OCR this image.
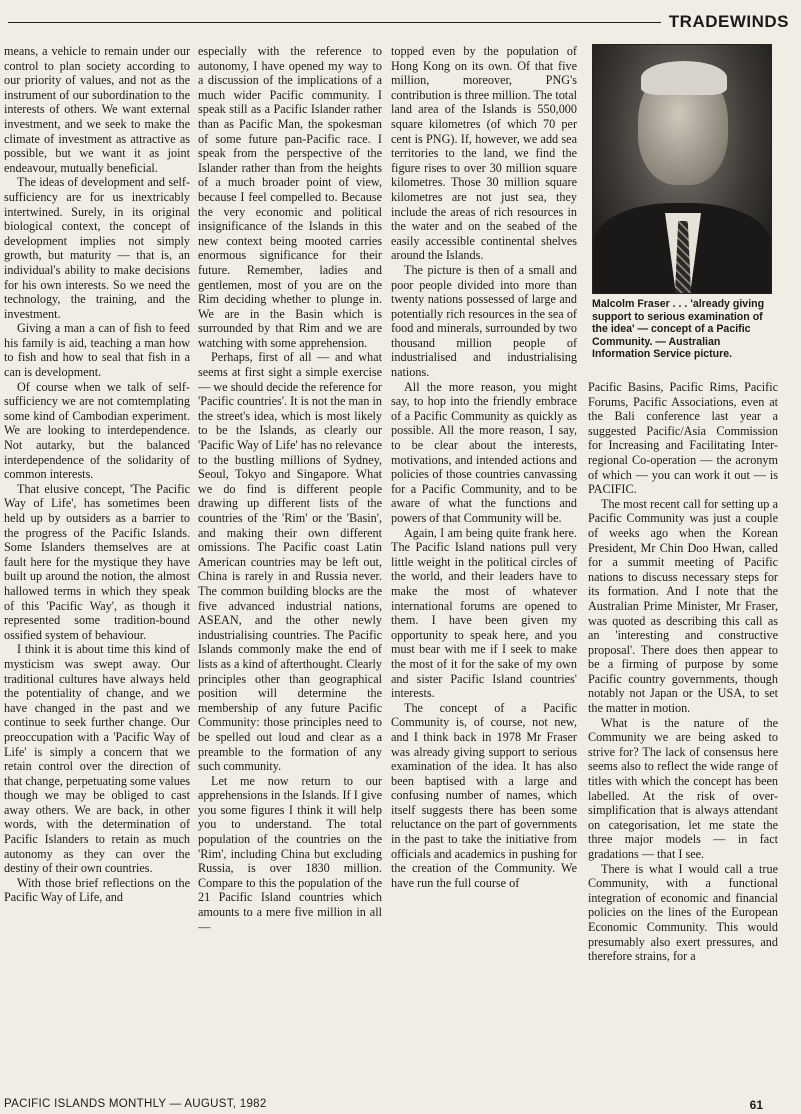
TRADEWINDS

means, a vehicle to remain under our control to plan society according to our priority of values, and not as the instrument of our subordination to the interests of others. We want external investment, and we seek to make the climate of investment as attractive as possible, but we want it as joint endeavour, mutually beneficial.

The ideas of development and self-sufficiency are for us inextricably intertwined. Surely, in its original biological context, the concept of development implies not simply growth, but maturity — that is, an individual's ability to make decisions for his own interests. So we need the technology, the training, and the investment.

Giving a man a can of fish to feed his family is aid, teaching a man how to fish and how to seal that fish in a can is development.

Of course when we talk of self-sufficiency we are not comtemplating some kind of Cambodian experiment. We are looking to interdependence. Not autarky, but the balanced interdependence of the solidarity of common interests.

That elusive concept, 'The Pacific Way of Life', has sometimes been held up by outsiders as a barrier to the progress of the Pacific Islands. Some Islanders themselves are at fault here for the mystique they have built up around the notion, the almost hallowed terms in which they speak of this 'Pacific Way', as though it represented some tradition-bound ossified system of behaviour.

I think it is about time this kind of mysticism was swept away. Our traditional cultures have always held the potentiality of change, and we have changed in the past and we continue to seek further change. Our preoccupation with a 'Pacific Way of Life' is simply a concern that we retain control over the direction of that change, perpetuating some values though we may be obliged to cast away others. We are back, in other words, with the determination of Pacific Islanders to retain as much autonomy as they can over the destiny of their own countries.

With those brief reflections on the Pacific Way of Life, and

especially with the reference to autonomy, I have opened my way to a discussion of the implications of a much wider Pacific community. I speak still as a Pacific Islander rather than as Pacific Man, the spokesman of some future pan-Pacific race. I speak from the perspective of the Islander rather than from the heights of a much broader point of view, because I feel compelled to. Because the very economic and political insignificance of the Islands in this new context being mooted carries enormous significance for their future. Remember, ladies and gentlemen, most of you are on the Rim deciding whether to plunge in. We are in the Basin which is surrounded by that Rim and we are watching with some apprehension.

Perhaps, first of all — and what seems at first sight a simple exercise — we should decide the reference for 'Pacific countries'. It is not the man in the street's idea, which is most likely to be the Islands, as clearly our 'Pacific Way of Life' has no relevance to the bustling millions of Sydney, Seoul, Tokyo and Singapore. What we do find is different people drawing up different lists of the countries of the 'Rim' or the 'Basin', and making their own different omissions. The Pacific coast Latin American countries may be left out, China is rarely in and Russia never. The common building blocks are the five advanced industrial nations, ASEAN, and the other newly industrialising countries. The Pacific Islands commonly make the end of lists as a kind of afterthought. Clearly principles other than geographical position will determine the membership of any future Pacific Community: those principles need to be spelled out loud and clear as a preamble to the formation of any such community.

Let me now return to our apprehensions in the Islands. If I give you some figures I think it will help you to understand. The total population of the countries on the 'Rim', including China but excluding Russia, is over 1830 million. Compare to this the population of the 21 Pacific Island countries which amounts to a mere five million in all —

topped even by the population of Hong Kong on its own. Of that five million, moreover, PNG's contribution is three million. The total land area of the Islands is 550,000 square kilometres (of which 70 per cent is PNG). If, however, we add sea territories to the land, we find the figure rises to over 30 million square kilometres. Those 30 million square kilometres are not just sea, they include the areas of rich resources in the water and on the seabed of the easily accessible continental shelves around the Islands.

The picture is then of a small and poor people divided into more than twenty nations possessed of large and potentially rich resources in the sea of food and minerals, surrounded by two thousand million people of industrialised and industrialising nations.

All the more reason, you might say, to hop into the friendly embrace of a Pacific Community as quickly as possible. All the more reason, I say, to be clear about the interests, motivations, and intended actions and policies of those countries canvassing for a Pacific Community, and to be aware of what the functions and powers of that Community will be.

Again, I am being quite frank here. The Pacific Island nations pull very little weight in the political circles of the world, and their leaders have to make the most of whatever international forums are opened to them. I have been given my opportunity to speak here, and you must bear with me if I seek to make the most of it for the sake of my own and sister Pacific Island countries' interests.

The concept of a Pacific Community is, of course, not new, and I think back in 1978 Mr Fraser was already giving support to serious examination of the idea. It has also been baptised with a large and confusing number of names, which itself suggests there has been some reluctance on the part of governments in the past to take the initiative from officials and academics in pushing for the creation of the Community. We have run the full course of

Malcolm Fraser . . . 'already giving support to serious examination of the idea' — concept of a Pacific Community. — Australian Information Service picture.

Pacific Basins, Pacific Rims, Pacific Forums, Pacific Associations, even at the Bali conference last year a suggested Pacific/Asia Commission for Increasing and Facilitating Inter-regional Co-operation — the acronym of which — you can work it out — is PACIFIC.

The most recent call for setting up a Pacific Community was just a couple of weeks ago when the Korean President, Mr Chin Doo Hwan, called for a summit meeting of Pacific nations to discuss necessary steps for its formation. And I note that the Australian Prime Minister, Mr Fraser, was quoted as describing this call as an 'interesting and constructive proposal'. There does then appear to be a firming of purpose by some Pacific country governments, though notably not Japan or the USA, to set the matter in motion.

What is the nature of the Community we are being asked to strive for? The lack of consensus here seems also to reflect the wide range of titles with which the concept has been labelled. At the risk of over-simplification that is always attendant on categorisation, let me state the three major models — in fact gradations — that I see.

There is what I would call a true Community, with a functional integration of economic and financial policies on the lines of the European Economic Community. This would presumably also exert pressures, and therefore strains, for a

PACIFIC ISLANDS MONTHLY — AUGUST, 1982	61
